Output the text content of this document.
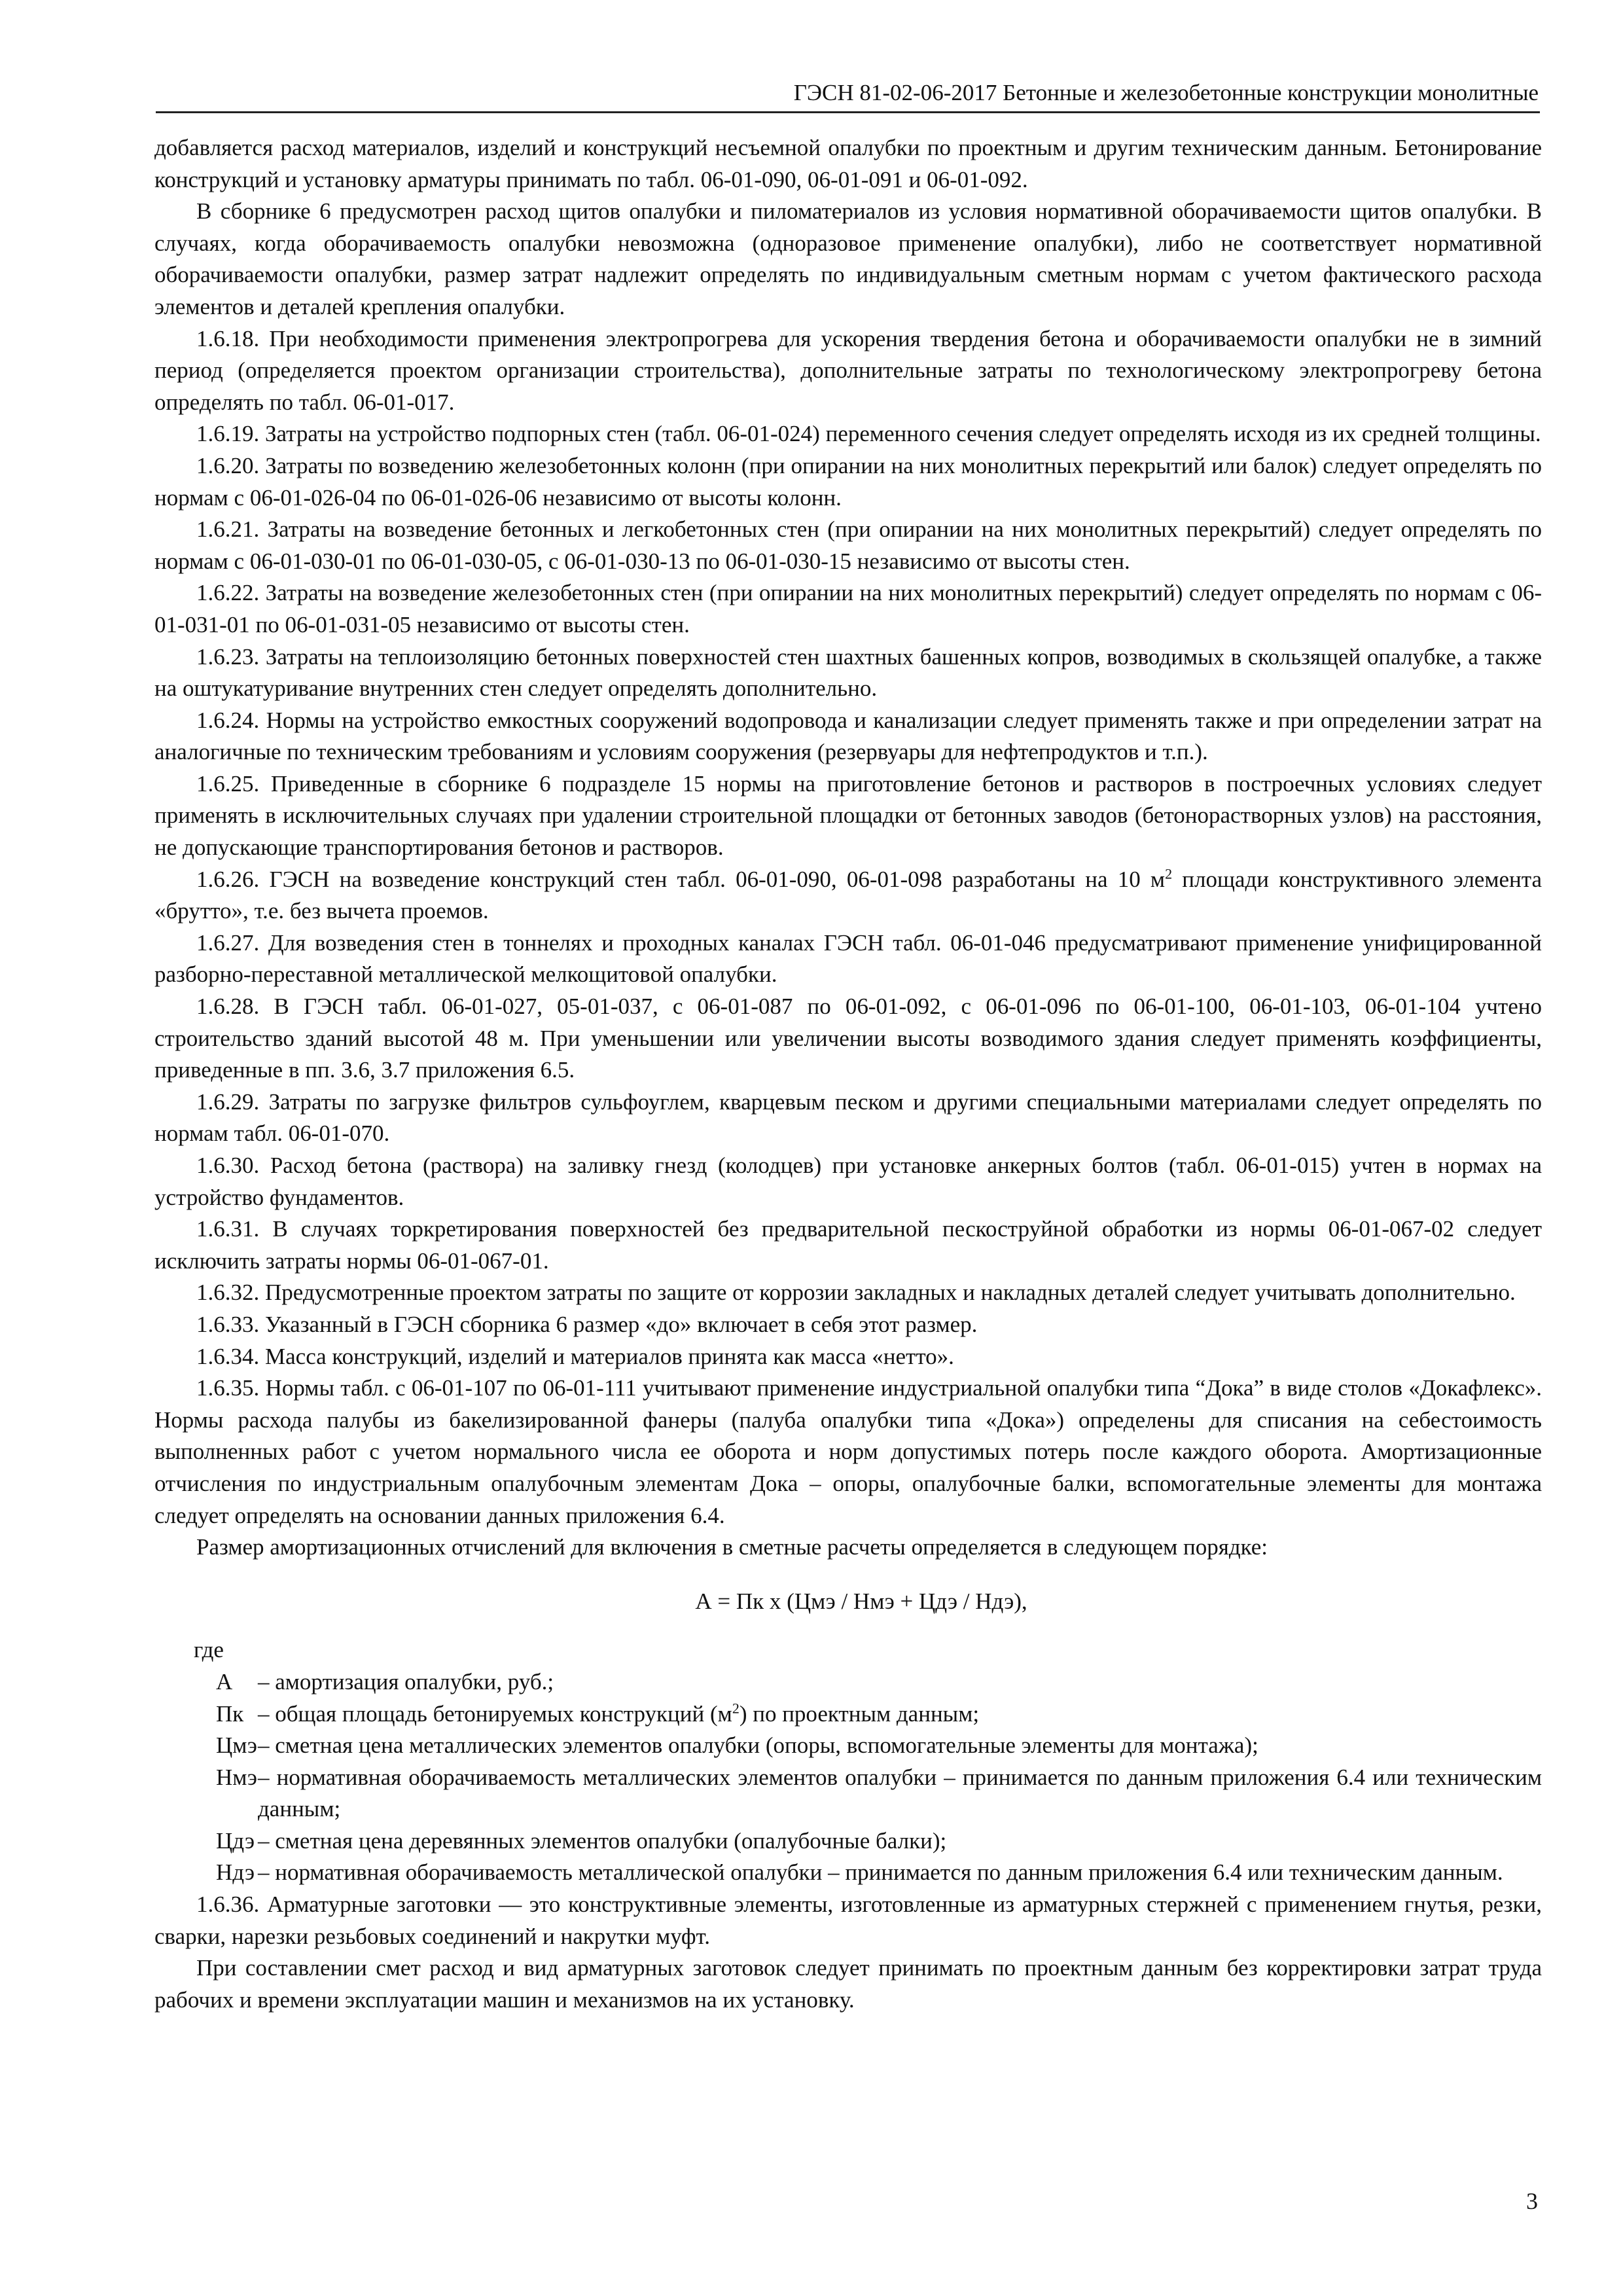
ГЭСН 81-02-06-2017 Бетонные и железобетонные конструкции монолитные

добавляется расход материалов, изделий и конструкций несъемной опалубки по проектным и другим техническим данным. Бетонирование конструкций и установку арматуры принимать по табл. 06-01-090, 06-01-091 и 06-01-092.

В сборнике 6 предусмотрен расход щитов опалубки и пиломатериалов из условия нормативной оборачиваемости щитов опалубки. В случаях, когда оборачиваемость опалубки невозможна (одноразовое применение опалубки), либо не соответствует нормативной оборачиваемости опалубки, размер затрат надлежит определять по индивидуальным сметным нормам с учетом фактического расхода элементов и деталей крепления опалубки.

1.6.18. При необходимости применения электропрогрева для ускорения твердения бетона и оборачиваемости опалубки не в зимний период (определяется проектом организации строительства), дополнительные затраты по технологическому электропрогреву бетона определять по табл. 06-01-017.

1.6.19. Затраты на устройство подпорных стен (табл. 06-01-024) переменного сечения следует определять исходя из их средней толщины.

1.6.20. Затраты по возведению железобетонных колонн (при опирании на них монолитных перекрытий или балок) следует определять по нормам с 06-01-026-04 по 06-01-026-06 независимо от высоты колонн.

1.6.21. Затраты на возведение бетонных и легкобетонных стен (при опирании на них монолитных перекрытий) следует определять по нормам с 06-01-030-01 по 06-01-030-05, с 06-01-030-13 по 06-01-030-15 независимо от высоты стен.

1.6.22. Затраты на возведение железобетонных стен (при опирании на них монолитных перекрытий) следует определять по нормам с 06-01-031-01 по 06-01-031-05 независимо от высоты стен.

1.6.23. Затраты на теплоизоляцию бетонных поверхностей стен шахтных башенных копров, возводимых в скользящей опалубке, а также на оштукатуривание внутренних стен следует определять дополнительно.

1.6.24. Нормы на устройство емкостных сооружений водопровода и канализации следует применять также и при определении затрат на аналогичные по техническим требованиям и условиям сооружения (резервуары для нефтепродуктов и т.п.).

1.6.25. Приведенные в сборнике 6 подразделе 15 нормы на приготовление бетонов и растворов в построечных условиях следует применять в исключительных случаях при удалении строительной площадки от бетонных заводов (бетонорастворных узлов) на расстояния, не допускающие транспортирования бетонов и растворов.

1.6.26. ГЭСН на возведение конструкций стен табл. 06-01-090, 06-01-098 разработаны на 10 $м^2$ площади конструктивного элемента «брутто», т.е. без вычета проемов.

1.6.27. Для возведения стен в тоннелях и проходных каналах ГЭСН табл. 06-01-046 предусматривают применение унифицированной разборно-переставной металлической мелкощитовой опалубки.

1.6.28. В ГЭСН табл. 06-01-027, 05-01-037, с 06-01-087 по 06-01-092, с 06-01-096 по 06-01-100, 06-01-103, 06-01-104 учтено строительство зданий высотой 48 м. При уменьшении или увеличении высоты возводимого здания следует применять коэффициенты, приведенные в пп. 3.6, 3.7 приложения 6.5.

1.6.29. Затраты по загрузке фильтров сульфоуглем, кварцевым песком и другими специальными материалами следует определять по нормам табл. 06-01-070.

1.6.30. Расход бетона (раствора) на заливку гнезд (колодцев) при установке анкерных болтов (табл. 06-01-015) учтен в нормах на устройство фундаментов.

1.6.31. В случаях торкретирования поверхностей без предварительной пескоструйной обработки из нормы 06-01-067-02 следует исключить затраты нормы 06-01-067-01.

1.6.32. Предусмотренные проектом затраты по защите от коррозии закладных и накладных деталей следует учитывать дополнительно.

1.6.33. Указанный в ГЭСН сборника 6 размер «до» включает в себя этот размер.

1.6.34. Масса конструкций, изделий и материалов принята как масса «нетто».

1.6.35. Нормы табл. с 06-01-107 по 06-01-111 учитывают применение индустриальной опалубки типа “Дока” в виде столов «Докафлекс». Нормы расхода палубы из бакелизированной фанеры (палуба опалубки типа «Дока») определены для списания на себестоимость выполненных работ с учетом нормального числа ее оборота и норм допустимых потерь после каждого оборота. Амортизационные отчисления по индустриальным опалубочным элементам Дока – опоры, опалубочные балки, вспомогательные элементы для монтажа следует определять на основании данных приложения 6.4.

Размер амортизационных отчислений для включения в сметные расчеты определяется в следующем порядке:

А = Пк х (Цмэ / Нмэ + Цдэ / Ндэ),

где

А	– амортизация опалубки, руб.;
Пк – общая площадь бетонируемых конструкций $(м^2)$ по проектным данным;
Цмэ – сметная цена металлических элементов опалубки (опоры, вспомогательные элементы для монтажа);
Нмэ – нормативная оборачиваемость металлических элементов опалубки – принимается по данным приложения 6.4 или техническим данным;
Цдэ – сметная цена деревянных элементов опалубки (опалубочные балки);
Ндэ – нормативная оборачиваемость металлической опалубки – принимается по данным приложения 6.4 или техническим данным.

1.6.36. Арматурные заготовки — это конструктивные элементы, изготовленные из арматурных стержней с применением гнутья, резки, сварки, нарезки резьбовых соединений и накрутки муфт.

При составлении смет расход и вид арматурных заготовок следует принимать по проектным данным без корректировки затрат труда рабочих и времени эксплуатации машин и механизмов на их установку.

3
